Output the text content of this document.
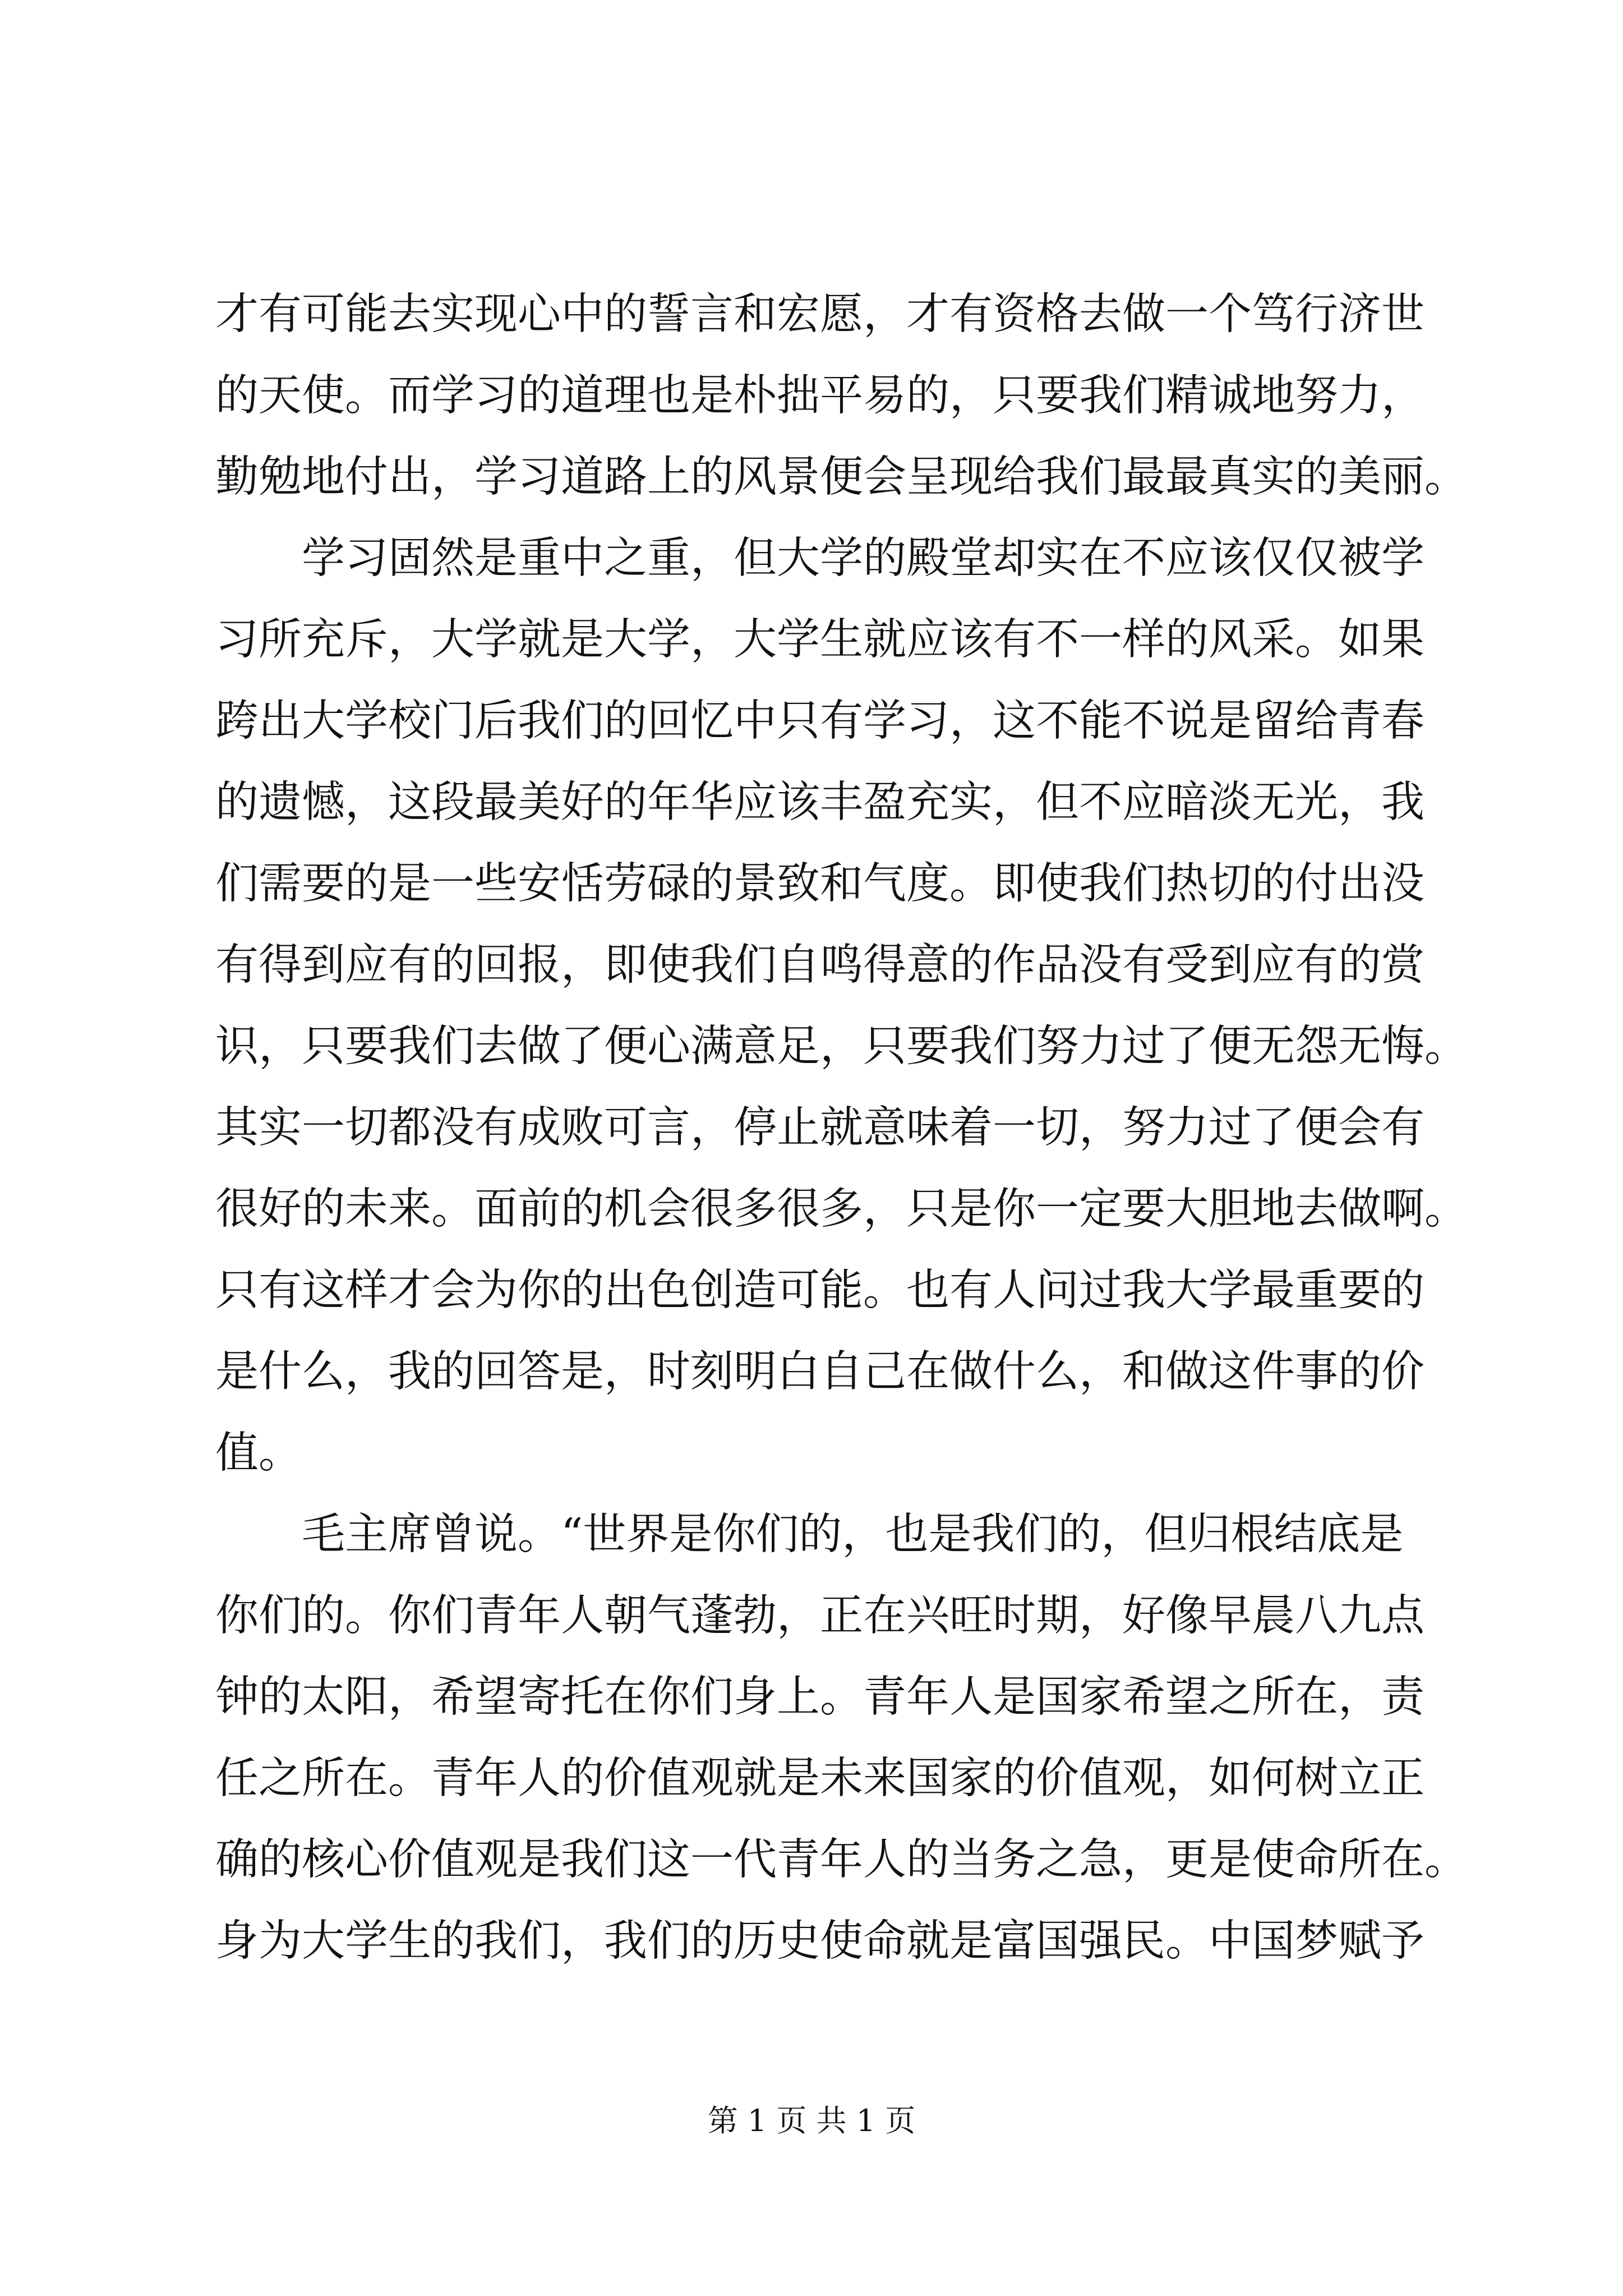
才有可能去实现心中的誓言和宏愿，才有资格去做一个笃行济世
的天使。而学习的道理也是朴拙平易的，只要我们精诚地努力，
勤勉地付出，学习道路上的风景便会呈现给我们最最真实的美丽。
　　学习固然是重中之重，但大学的殿堂却实在不应该仅仅被学
习所充斥，大学就是大学，大学生就应该有不一样的风采。如果
跨出大学校门后我们的回忆中只有学习，这不能不说是留给青春
的遗憾，这段最美好的年华应该丰盈充实，但不应暗淡无光，我
们需要的是一些安恬劳碌的景致和气度。即使我们热切的付出没
有得到应有的回报，即使我们自鸣得意的作品没有受到应有的赏
识，只要我们去做了便心满意足，只要我们努力过了便无怨无悔。
其实一切都没有成败可言，停止就意味着一切，努力过了便会有
很好的未来。面前的机会很多很多，只是你一定要大胆地去做啊。
只有这样才会为你的出色创造可能。也有人问过我大学最重要的
是什么，我的回答是，时刻明白自己在做什么，和做这件事的价
值。
　　毛主席曾说。“世界是你们的，也是我们的，但归根结底是
你们的。你们青年人朝气蓬勃，正在兴旺时期，好像早晨八九点
钟的太阳，希望寄托在你们身上。青年人是国家希望之所在，责
任之所在。青年人的价值观就是未来国家的价值观，如何树立正
确的核心价值观是我们这一代青年人的当务之急，更是使命所在。
身为大学生的我们，我们的历史使命就是富国强民。中国梦赋予
第 1 页 共 1 页
